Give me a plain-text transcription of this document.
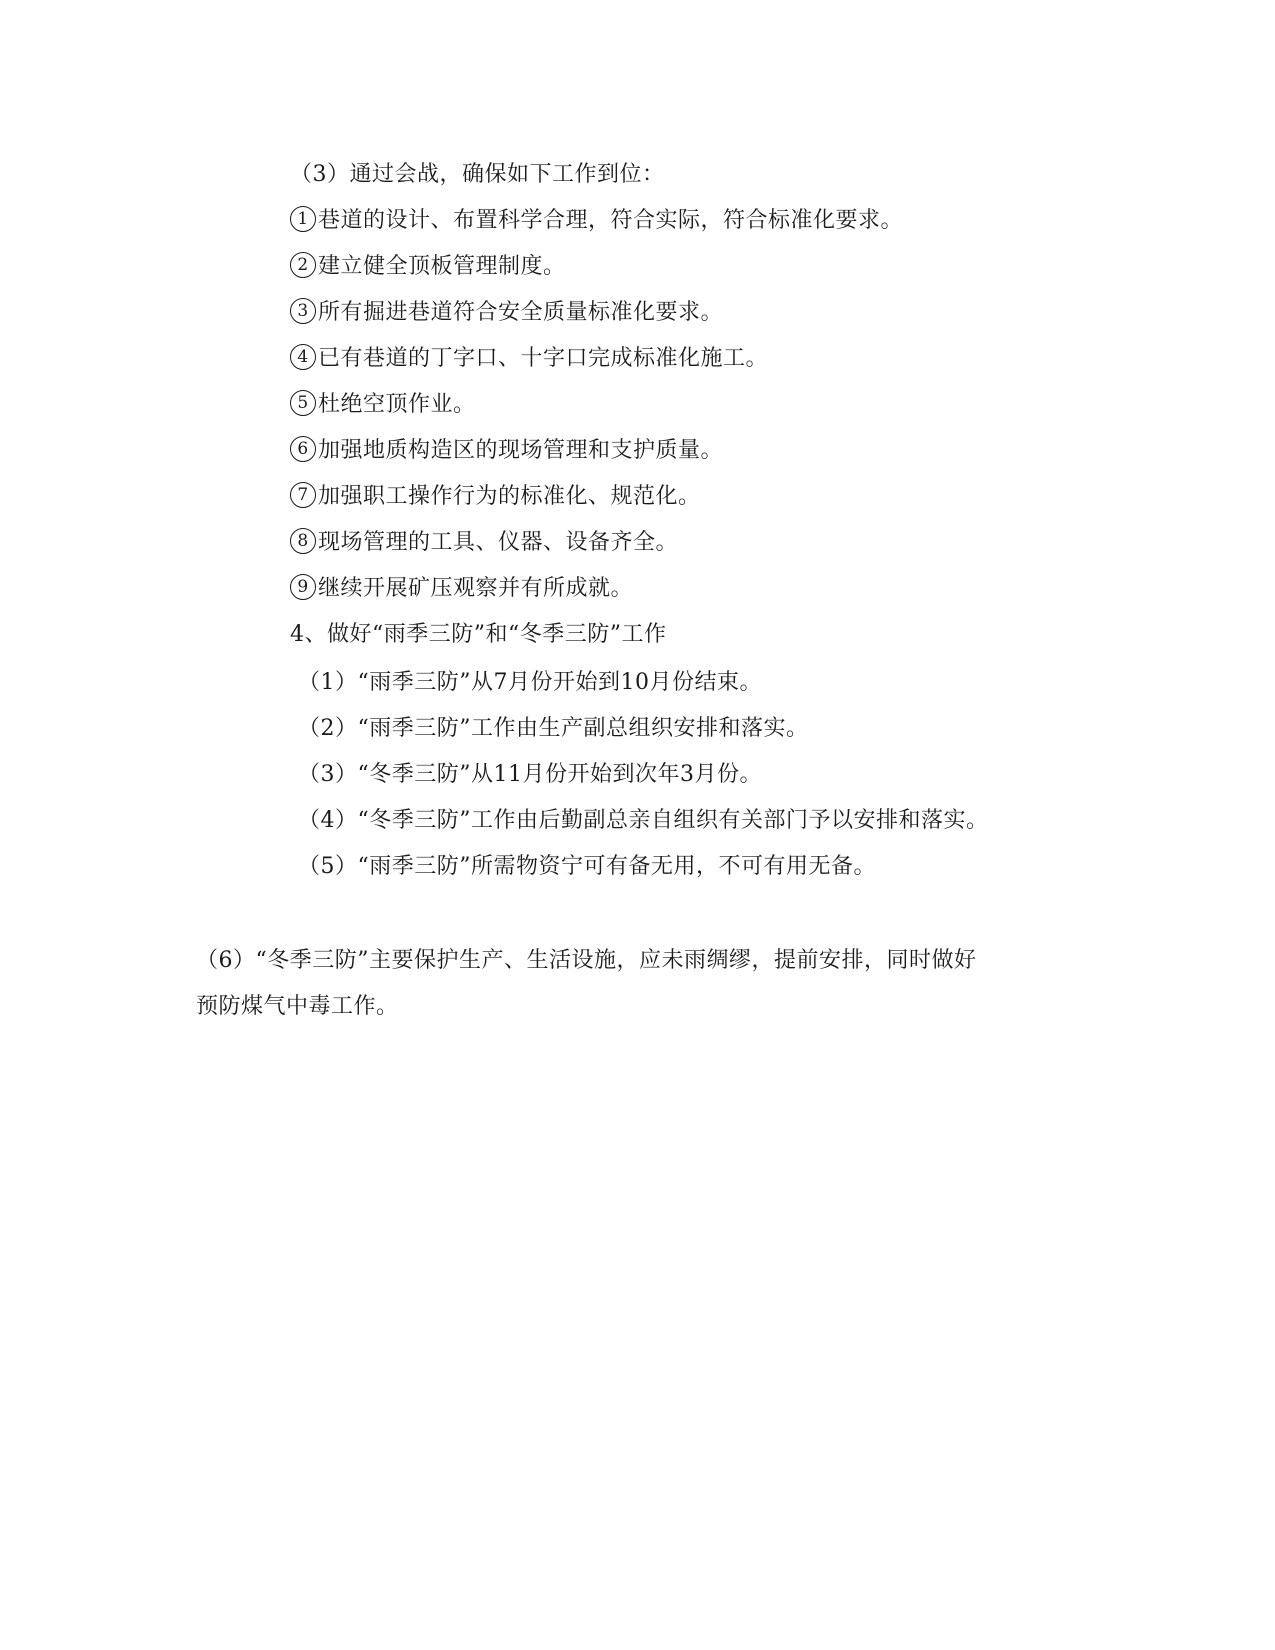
（3）通过会战，确保如下工作到位：
1 巷道的设计、布置科学合理，符合实际，符合标准化要求。
2 建立健全顶板管理制度。
3 所有掘进巷道符合安全质量标准化要求。
4 已有巷道的丁字口、十字口完成标准化施工。
5 杜绝空顶作业。
6 加强地质构造区的现场管理和支护质量。
7 加强职工操作行为的标准化、规范化。
8 现场管理的工具、仪器、设备齐全。
9 继续开展矿压观察并有所成就。
4、做好“雨季三防”和“冬季三防”工作
（1）“雨季三防”从7月份开始到10月份结束。
（2）“雨季三防”工作由生产副总组织安排和落实。
（3）“冬季三防”从11月份开始到次年3月份。
（4）“冬季三防”工作由后勤副总亲自组织有关部门予以安排和落实。
（5）“雨季三防”所需物资宁可有备无用，不可有用无备。
（6）“冬季三防”主要保护生产、生活设施，应未雨绸缪，提前安排，同时做好
预防煤气中毒工作。
